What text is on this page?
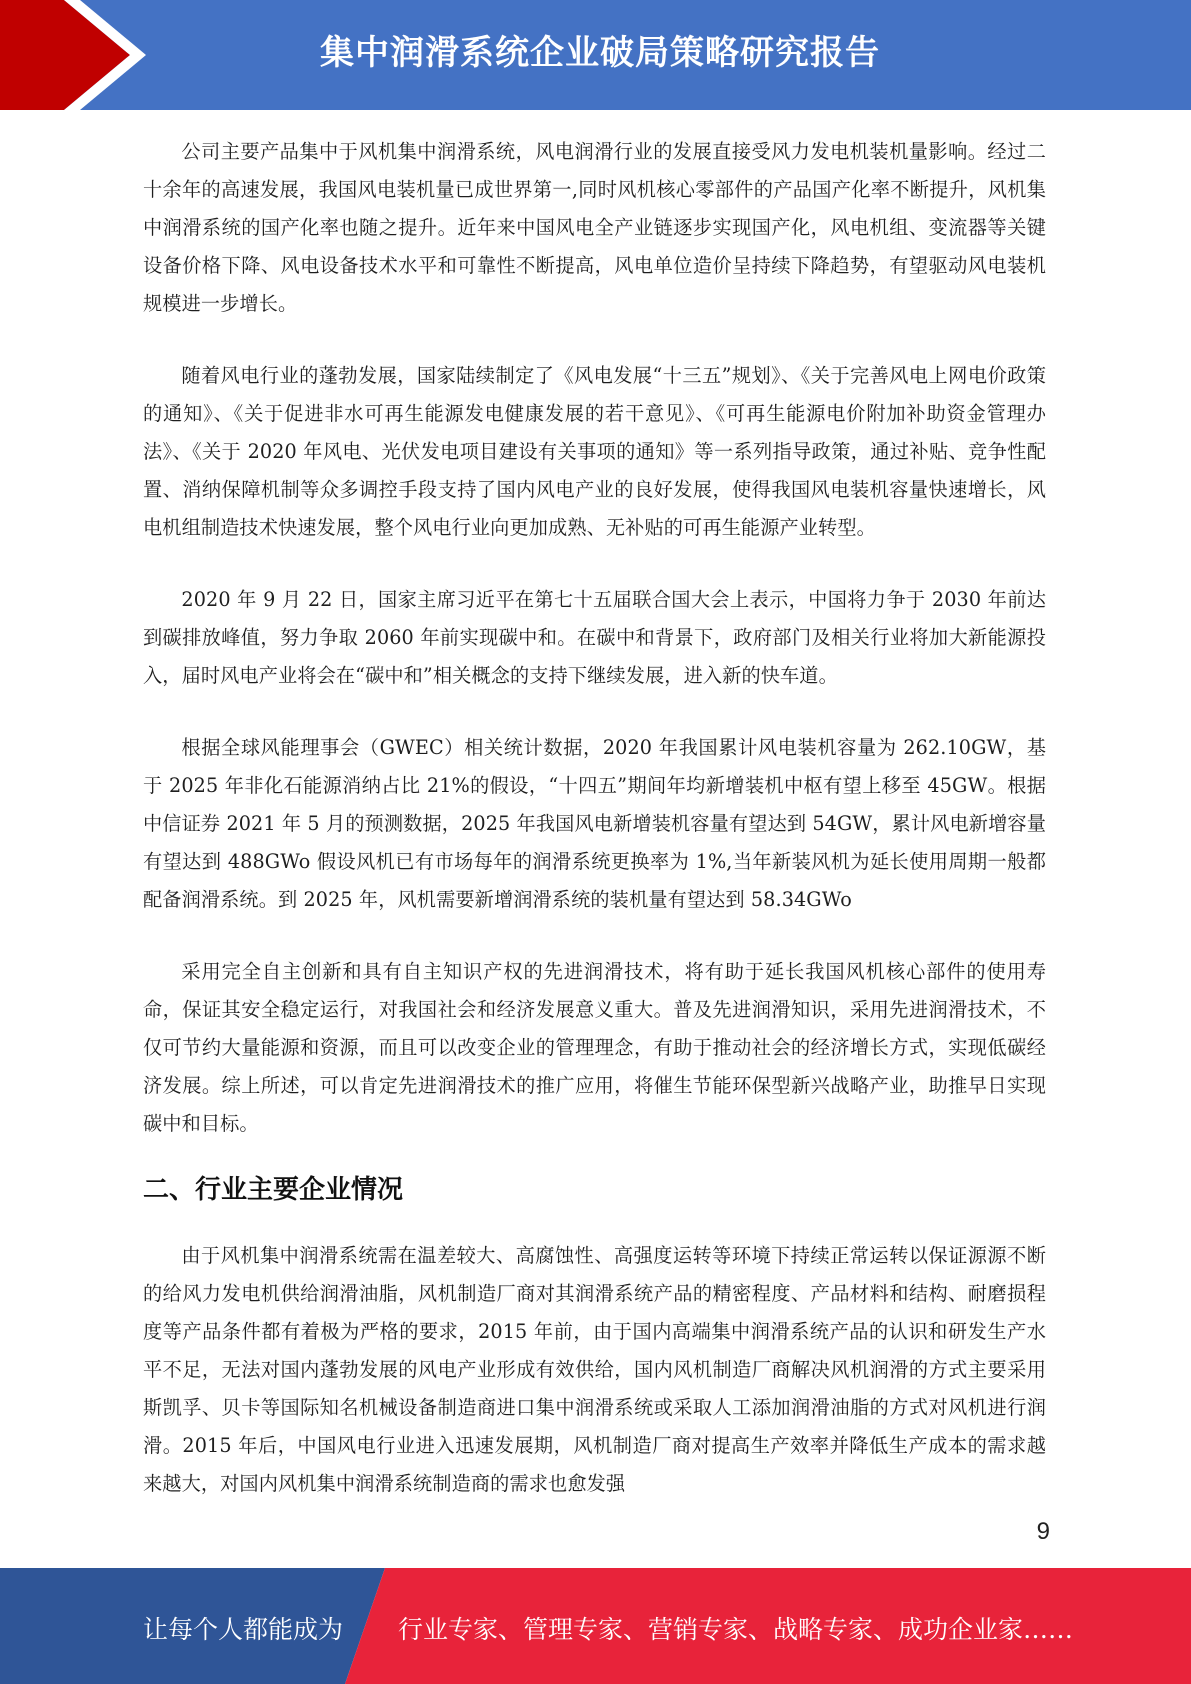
集中润滑系统企业破局策略研究报告

公司主要产品集中于风机集中润滑系统，风电润滑行业的发展直接受风力发电机装机量影响。经过二十余年的高速发展，我国风电装机量已成世界第一,同时风机核心零部件的产品国产化率不断提升，风机集中润滑系统的国产化率也随之提升。近年来中国风电全产业链逐步实现国产化，风电机组、变流器等关键设备价格下降、风电设备技术水平和可靠性不断提高，风电单位造价呈持续下降趋势，有望驱动风电装机规模进一步增长。

随着风电行业的蓬勃发展，国家陆续制定了《风电发展“十三五”规划》、《关于完善风电上网电价政策的通知》、《关于促进非水可再生能源发电健康发展的若干意见》、《可再生能源电价附加补助资金管理办法》、《关于 2020 年风电、光伏发电项目建设有关事项的通知》等一系列指导政策，通过补贴、竞争性配置、消纳保障机制等众多调控手段支持了国内风电产业的良好发展，使得我国风电装机容量快速增长，风电机组制造技术快速发展，整个风电行业向更加成熟、无补贴的可再生能源产业转型。

2020 年 9 月 22 日，国家主席习近平在第七十五届联合国大会上表示，中国将力争于 2030 年前达到碳排放峰值，努力争取 2060 年前实现碳中和。在碳中和背景下，政府部门及相关行业将加大新能源投入，届时风电产业将会在“碳中和”相关概念的支持下继续发展，进入新的快车道。

根据全球风能理事会（GWEC）相关统计数据，2020 年我国累计风电装机容量为 262.10GW，基于 2025 年非化石能源消纳占比 21%的假设，“十四五”期间年均新增装机中枢有望上移至 45GW。根据中信证券 2021 年 5 月的预测数据，2025 年我国风电新增装机容量有望达到 54GW，累计风电新增容量有望达到 488GWo 假设风机已有市场每年的润滑系统更换率为 1%,当年新装风机为延长使用周期一般都配备润滑系统。到 2025 年，风机需要新增润滑系统的装机量有望达到 58.34GWo

采用完全自主创新和具有自主知识产权的先进润滑技术，将有助于延长我国风机核心部件的使用寿命，保证其安全稳定运行，对我国社会和经济发展意义重大。普及先进润滑知识，采用先进润滑技术，不仅可节约大量能源和资源，而且可以改变企业的管理理念，有助于推动社会的经济增长方式，实现低碳经济发展。综上所述，可以肯定先进润滑技术的推广应用，将催生节能环保型新兴战略产业，助推早日实现碳中和目标。

二、行业主要企业情况

由于风机集中润滑系统需在温差较大、高腐蚀性、高强度运转等环境下持续正常运转以保证源源不断的给风力发电机供给润滑油脂，风机制造厂商对其润滑系统产品的精密程度、产品材料和结构、耐磨损程度等产品条件都有着极为严格的要求，2015 年前，由于国内高端集中润滑系统产品的认识和研发生产水平不足，无法对国内蓬勃发展的风电产业形成有效供给，国内风机制造厂商解决风机润滑的方式主要采用斯凯孚、贝卡等国际知名机械设备制造商进口集中润滑系统或采取人工添加润滑油脂的方式对风机进行润滑。2015 年后，中国风电行业进入迅速发展期，风机制造厂商对提高生产效率并降低生产成本的需求越来越大，对国内风机集中润滑系统制造商的需求也愈发强

9
让每个人都能成为 行业专家、管理专家、营销专家、战略专家、成功企业家……
